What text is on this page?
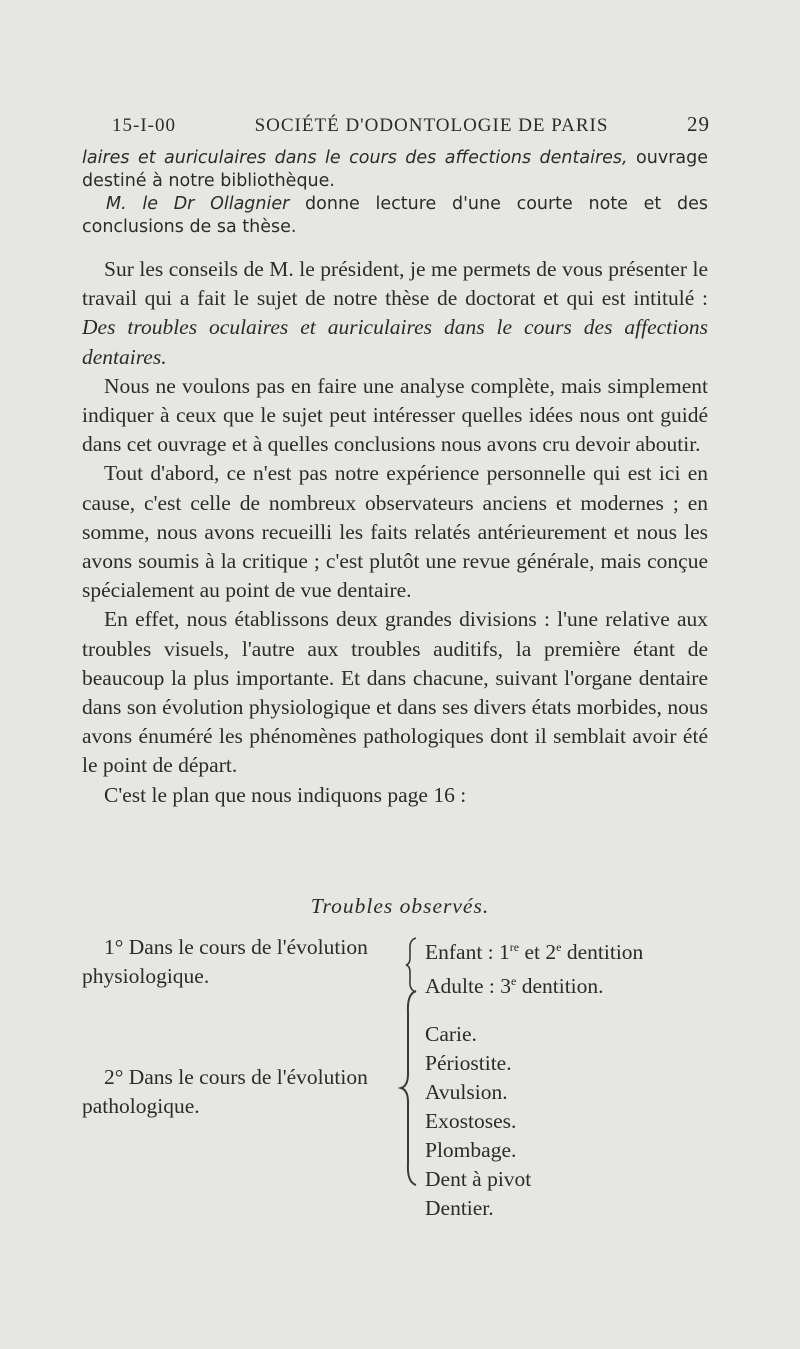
15-I-00	SOCIÉTÉ D'ODONTOLOGIE DE PARIS	29

laires et auriculaires dans le cours des affections dentaires, ouvrage destiné à notre bibliothèque.

M. le Dr Ollagnier donne lecture d'une courte note et des conclusions de sa thèse.

Sur les conseils de M. le président, je me permets de vous présenter le travail qui a fait le sujet de notre thèse de doctorat et qui est intitulé : Des troubles oculaires et auriculaires dans le cours des affections dentaires.

Nous ne voulons pas en faire une analyse complète, mais simplement indiquer à ceux que le sujet peut intéresser quelles idées nous ont guidé dans cet ouvrage et à quelles conclusions nous avons cru devoir aboutir.

Tout d'abord, ce n'est pas notre expérience personnelle qui est ici en cause, c'est celle de nombreux observateurs anciens et modernes ; en somme, nous avons recueilli les faits relatés antérieurement et nous les avons soumis à la critique ; c'est plutôt une revue générale, mais conçue spécialement au point de vue dentaire.

En effet, nous établissons deux grandes divisions : l'une relative aux troubles visuels, l'autre aux troubles auditifs, la première étant de beaucoup la plus importante. Et dans chacune, suivant l'organe dentaire dans son évolution physiologique et dans ses divers états morbides, nous avons énuméré les phénomènes pathologiques dont il semblait avoir été le point de départ.

C'est le plan que nous indiquons page 16 :

Troubles observés.

1° Dans le cours de l'évolution physiologique.

Enfant : 1re et 2e dentition
Adulte : 3e dentition.

2° Dans le cours de l'évolution pathologique.

Carie.
Périostite.
Avulsion.
Exostoses.
Plombage.
Dent à pivot
Dentier.
